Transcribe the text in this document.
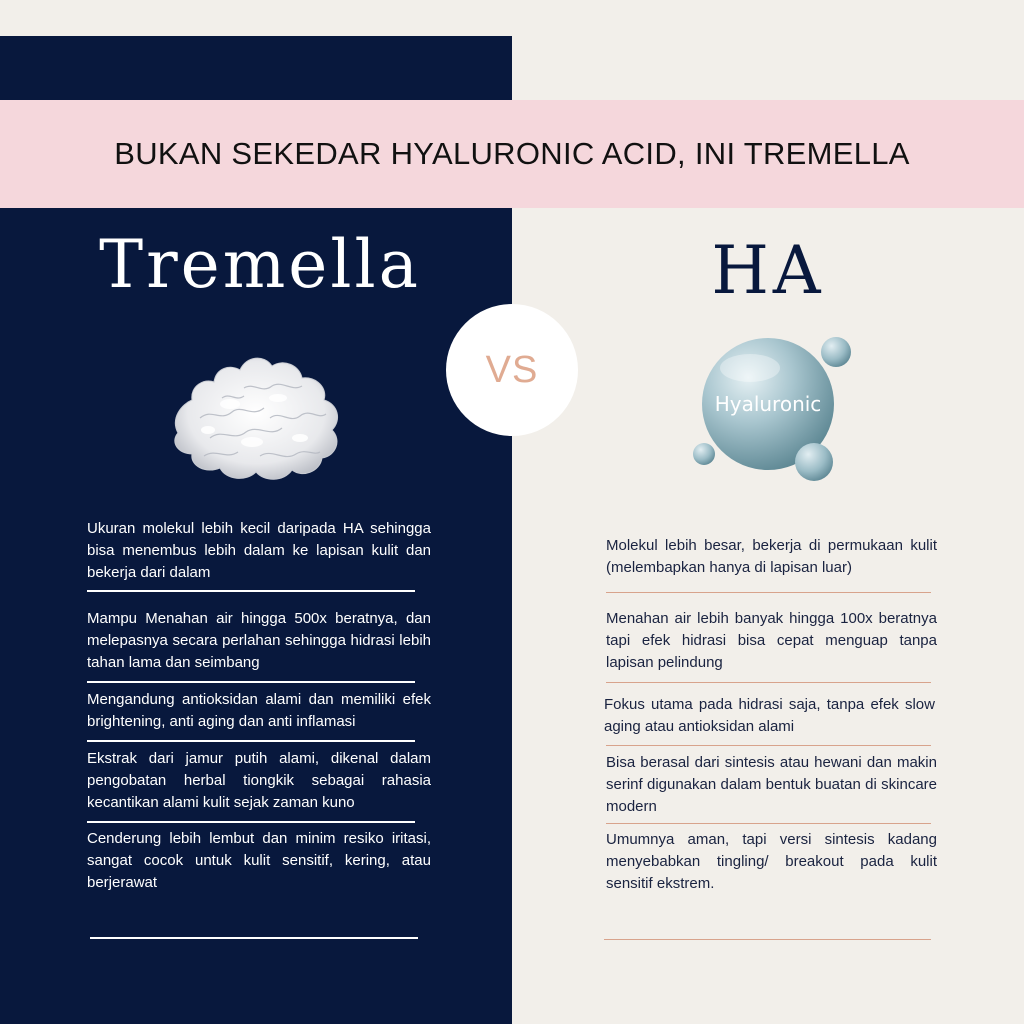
BUKAN SEKEDAR HYALURONIC ACID, INI TREMELLA
Tremella	HA
VS
Hyaluronic
Ukuran molekul lebih kecil daripada HA sehingga bisa menembus lebih dalam ke lapisan kulit dan bekerja dari dalam
Mampu Menahan air hingga 500x beratnya, dan melepasnya secara perlahan sehingga hidrasi lebih tahan lama dan seimbang
Mengandung antioksidan alami dan memiliki efek brightening, anti aging dan anti inflamasi
Ekstrak dari jamur putih alami, dikenal dalam pengobatan herbal tiongkik sebagai rahasia kecantikan alami kulit sejak zaman kuno
Cenderung lebih lembut dan minim resiko iritasi, sangat cocok untuk kulit sensitif, kering, atau berjerawat
Molekul lebih besar, bekerja di permukaan kulit (melembapkan hanya di lapisan luar)
Menahan air lebih banyak hingga 100x beratnya tapi efek hidrasi bisa cepat menguap tanpa lapisan pelindung
Fokus utama pada hidrasi saja, tanpa efek slow aging atau antioksidan alami
Bisa berasal dari sintesis atau hewani dan makin serinf digunakan dalam bentuk buatan di skincare modern
Umumnya aman, tapi versi sintesis kadang menyebabkan tingling/ breakout pada kulit sensitif ekstrem.
